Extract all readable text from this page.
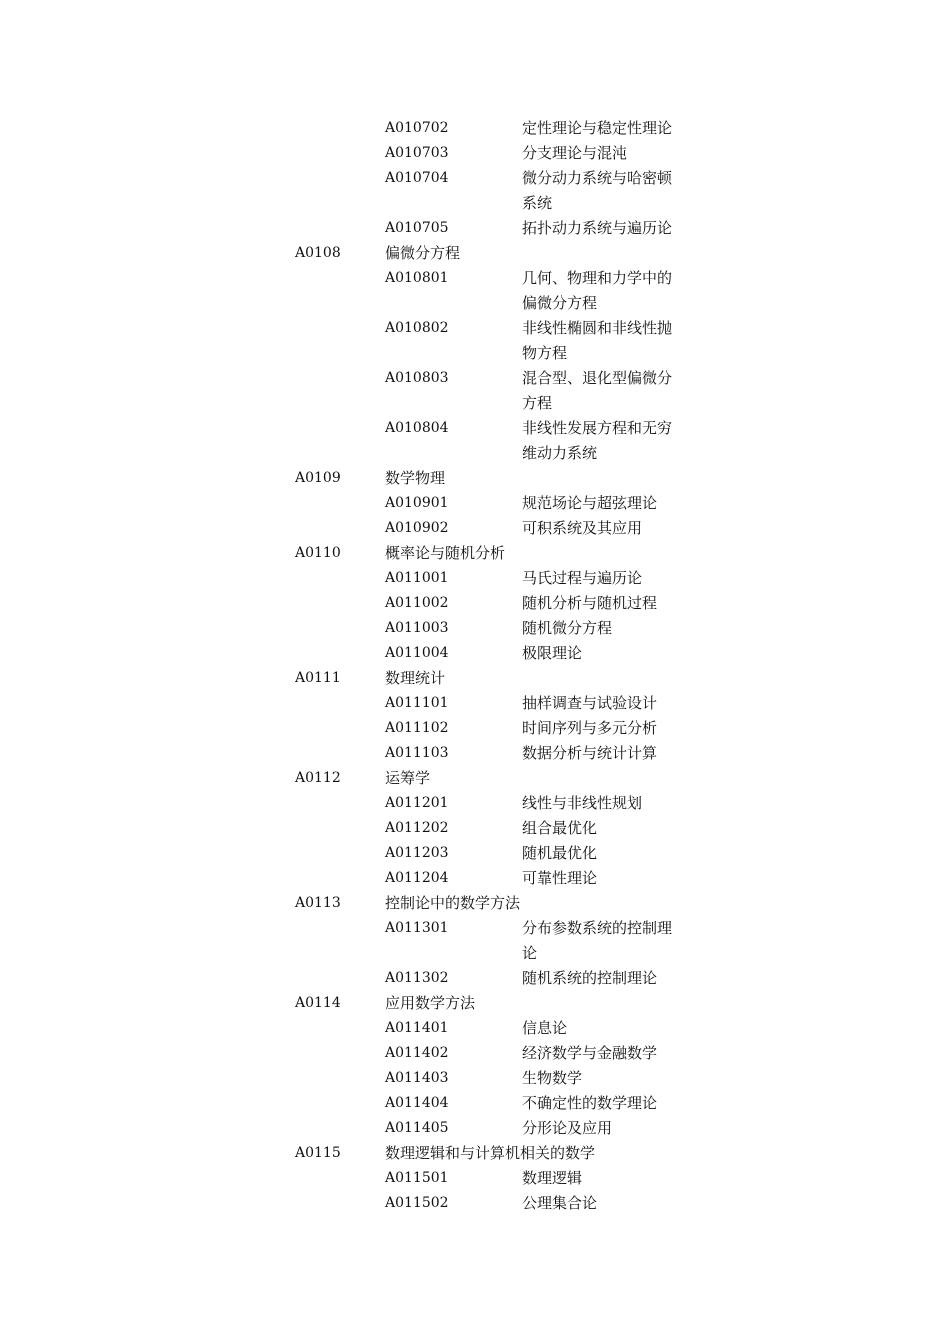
A010702	定性理论与稳定性理论
A010703	分支理论与混沌
A010704	微分动力系统与哈密顿
系统
A010705	拓扑动力系统与遍历论
A0108	偏微分方程
A010801	几何、物理和力学中的
偏微分方程
A010802	非线性椭圆和非线性抛
物方程
A010803	混合型、退化型偏微分
方程
A010804	非线性发展方程和无穷
维动力系统
A0109	数学物理
A010901	规范场论与超弦理论
A010902	可积系统及其应用
A0110	概率论与随机分析
A011001	马氏过程与遍历论
A011002	随机分析与随机过程
A011003	随机微分方程
A011004	极限理论
A0111	数理统计
A011101	抽样调查与试验设计
A011102	时间序列与多元分析
A011103	数据分析与统计计算
A0112	运筹学
A011201	线性与非线性规划
A011202	组合最优化
A011203	随机最优化
A011204	可靠性理论
A0113	控制论中的数学方法
A011301	分布参数系统的控制理
论
A011302	随机系统的控制理论
A0114	应用数学方法
A011401	信息论
A011402	经济数学与金融数学
A011403	生物数学
A011404	不确定性的数学理论
A011405	分形论及应用
A0115	数理逻辑和与计算机相关的数学
A011501	数理逻辑
A011502	公理集合论
